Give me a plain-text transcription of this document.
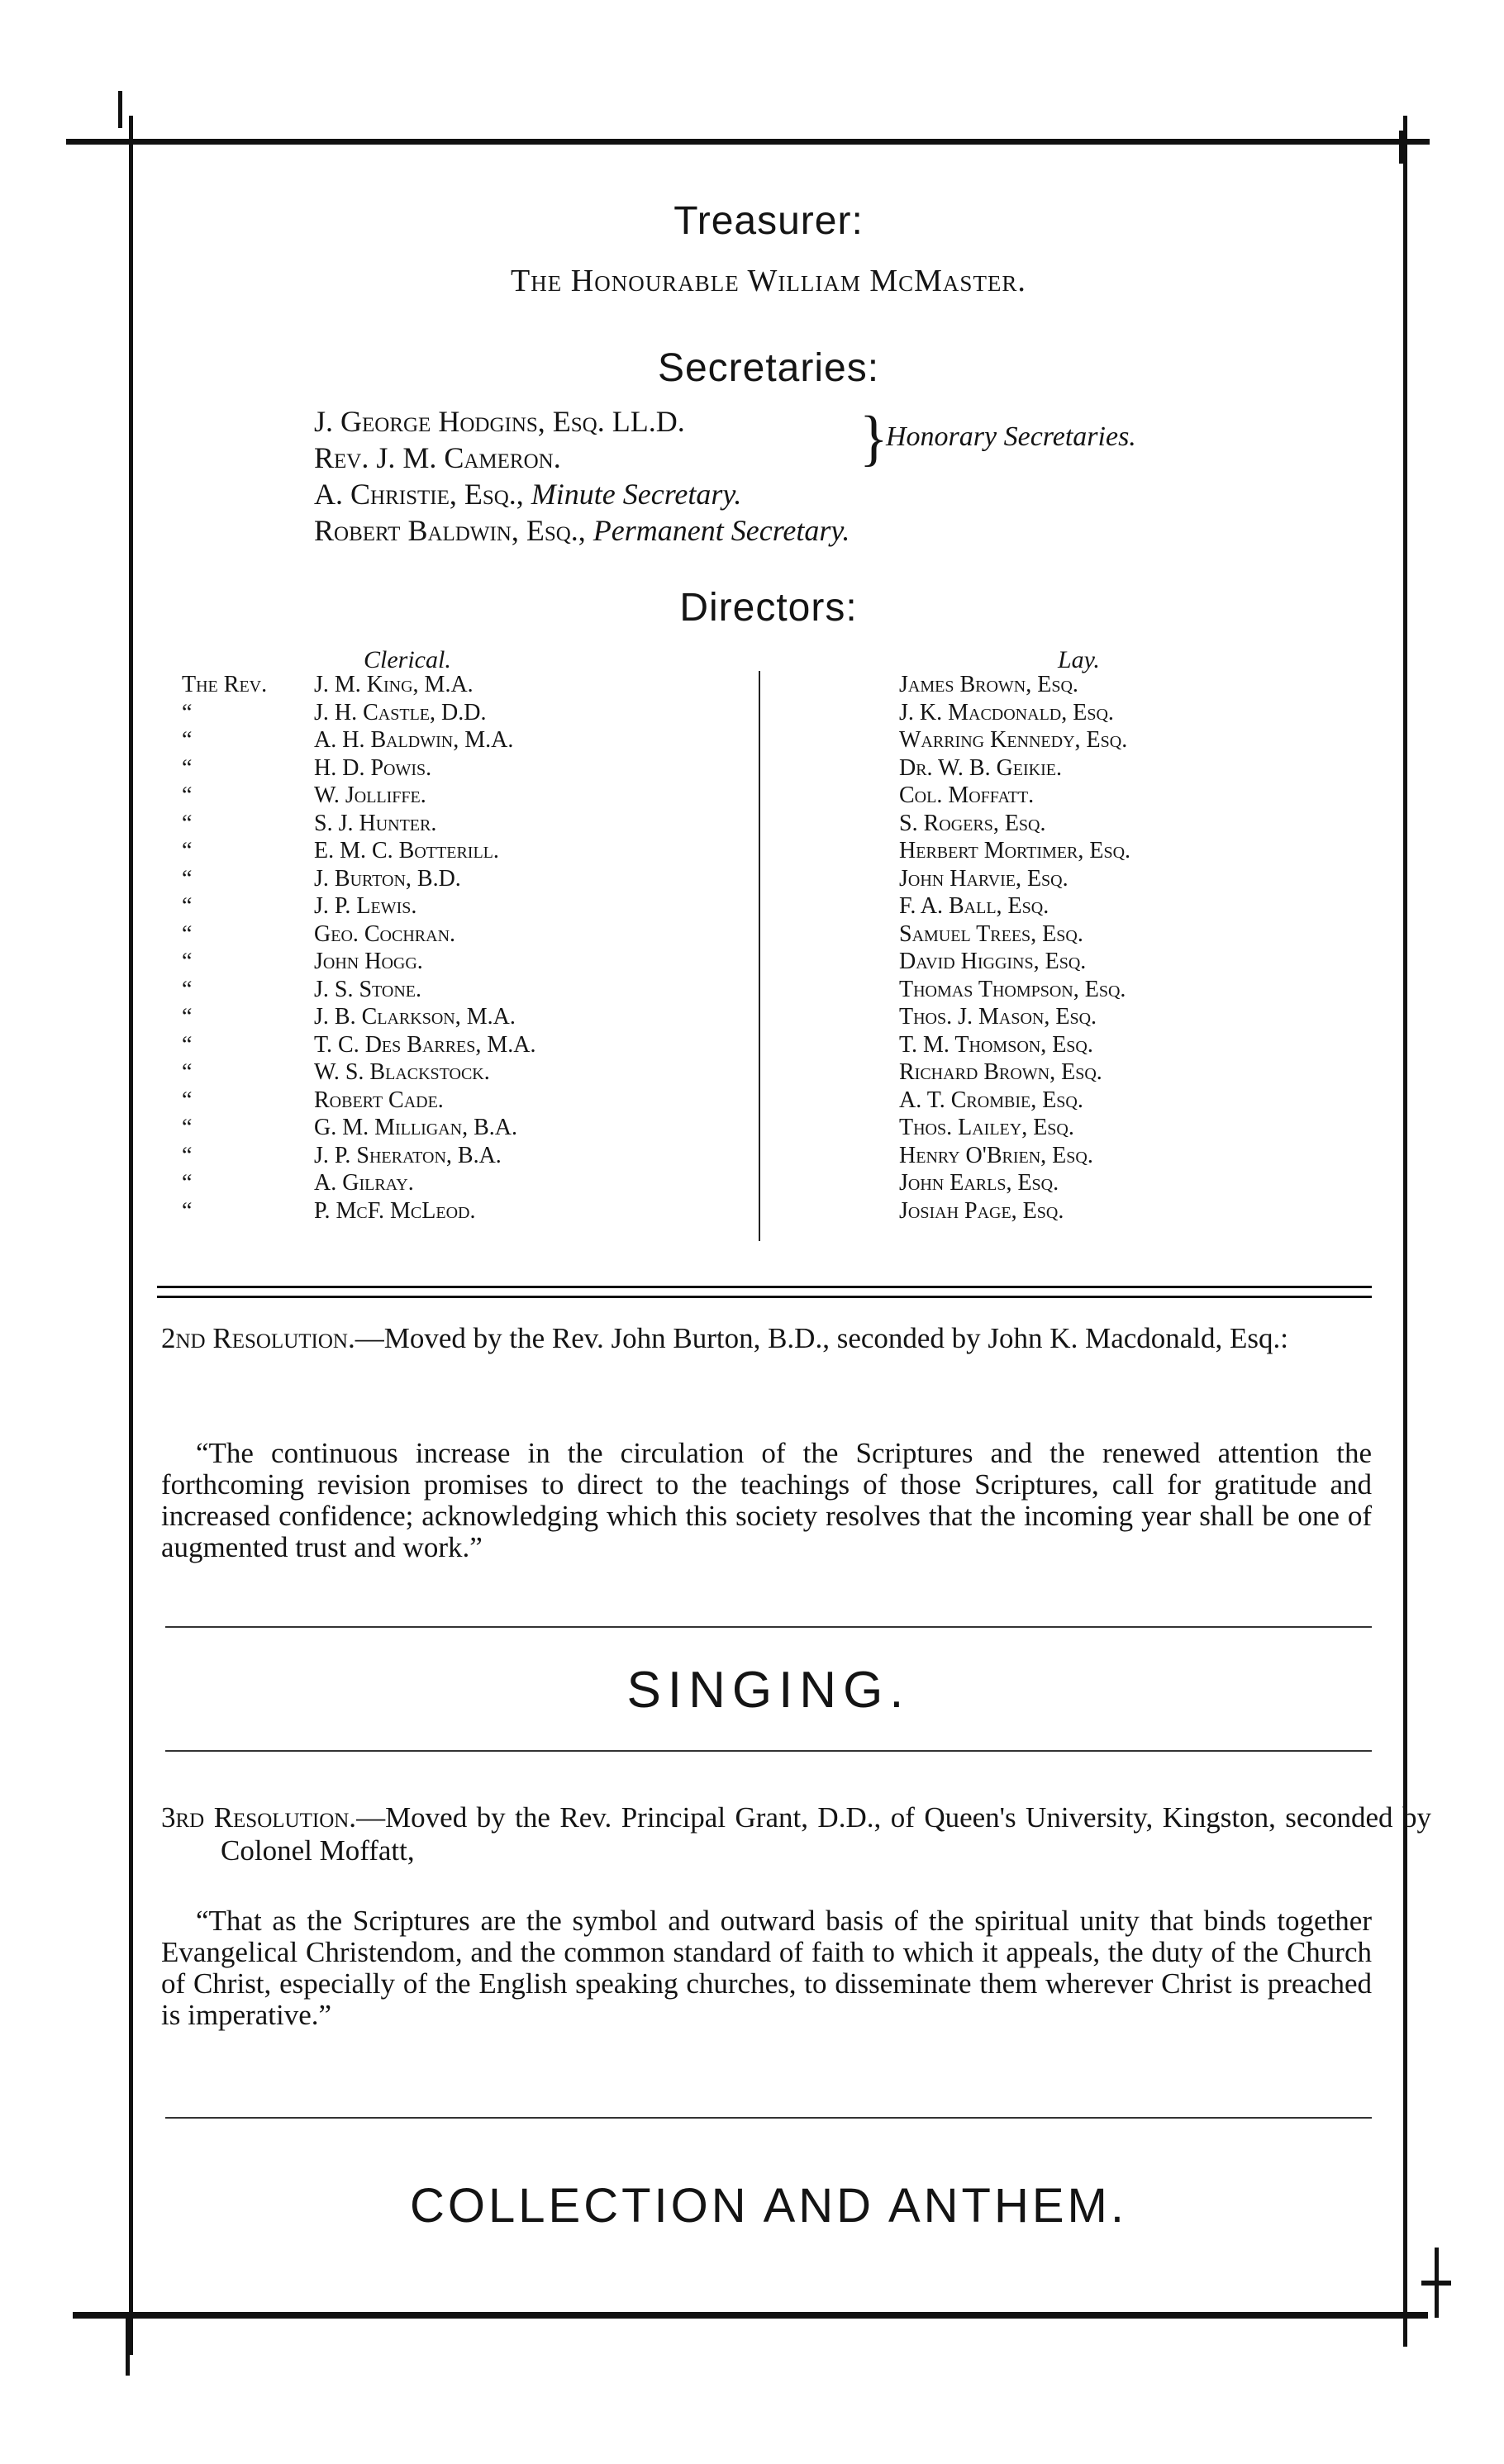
Treasurer:
The Honourable William McMaster.
Secretaries:
J. George Hodgins, Esq. LL.D.
Rev. J. M. Cameron.
A. Christie, Esq., Minute Secretary.
Robert Baldwin, Esq., Permanent Secretary.
}
Honorary Secretaries.
Directors:
Clerical.	Lay.
The Rev.
“
“
“
“
“
“
“
“
“
“
“
“
“
“
“
“
“
“
“
J. M. King, M.A.
J. H. Castle, D.D.
A. H. Baldwin, M.A.
H. D. Powis.
W. Jolliffe.
S. J. Hunter.
E. M. C. Botterill.
J. Burton, B.D.
J. P. Lewis.
Geo. Cochran.
John Hogg.
J. S. Stone.
J. B. Clarkson, M.A.
T. C. Des Barres, M.A.
W. S. Blackstock.
Robert Cade.
G. M. Milligan, B.A.
J. P. Sheraton, B.A.
A. Gilray.
P. McF. McLeod.
James Brown, Esq.
J. K. Macdonald, Esq.
Warring Kennedy, Esq.
Dr. W. B. Geikie.
Col. Moffatt.
S. Rogers, Esq.
Herbert Mortimer, Esq.
John Harvie, Esq.
F. A. Ball, Esq.
Samuel Trees, Esq.
David Higgins, Esq.
Thomas Thompson, Esq.
Thos. J. Mason, Esq.
T. M. Thomson, Esq.
Richard Brown, Esq.
A. T. Crombie, Esq.
Thos. Lailey, Esq.
Henry O'Brien, Esq.
John Earls, Esq.
Josiah Page, Esq.
2nd Resolution.—Moved by the Rev. John Burton, B.D., seconded by John K. Macdonald, Esq.:
“The continuous increase in the circulation of the Scriptures and the renewed attention the forthcoming revision promises to direct to the teachings of those Scriptures, call for gratitude and increased confidence; acknowledging which this society resolves that the incoming year shall be one of augmented trust and work.”
SINGING.
3rd Resolution.—Moved by the Rev. Principal Grant, D.D., of Queen's University, Kingston, seconded by Colonel Moffatt,
“That as the Scriptures are the symbol and outward basis of the spiritual unity that binds together Evangelical Christendom, and the common standard of faith to which it appeals, the duty of the Church of Christ, especially of the English speaking churches, to disseminate them wherever Christ is preached is imperative.”
COLLECTION AND ANTHEM.
